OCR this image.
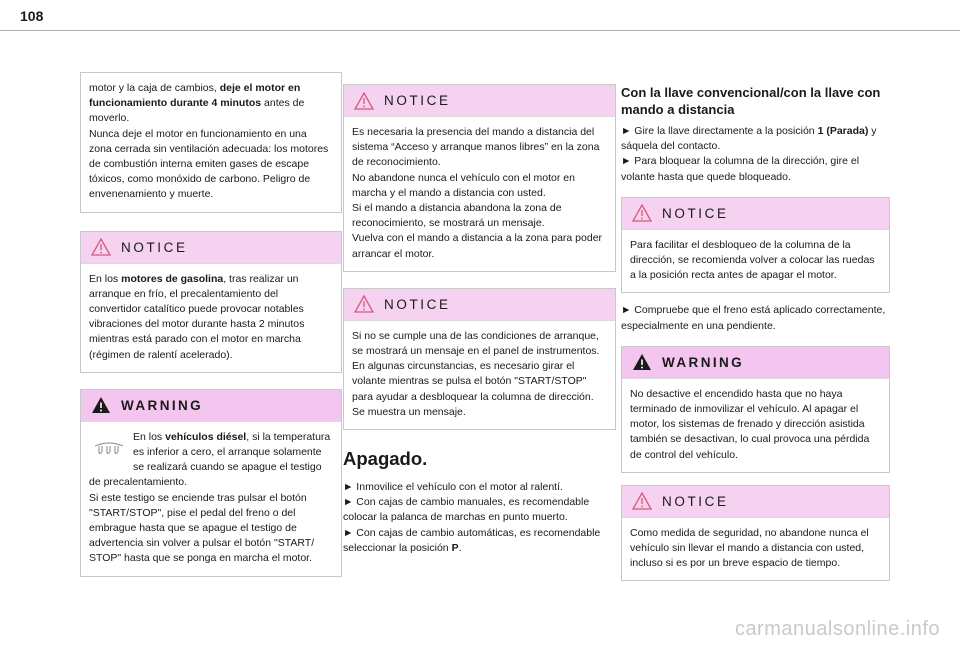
108

motor y la caja de cambios, deje el motor en funcionamiento durante 4 minutos antes de moverlo.

Nunca deje el motor en funcionamiento en una zona cerrada sin ventilación adecuada: los motores de combustión interna emiten gases de escape tóxicos, como monóxido de carbono. Peligro de envenenamiento y muerte.

NOTICE

En los motores de gasolina, tras realizar un arranque en frío, el precalentamiento del convertidor catalítico puede provocar notables vibraciones del motor durante hasta 2 minutos mientras está parado con el motor en marcha (régimen de ralentí acelerado).

WARNING

En los vehículos diésel, si la temperatura es inferior a cero, el arranque solamente se realizará cuando se apague el testigo de precalentamiento.

Si este testigo se enciende tras pulsar el botón "START/STOP", pise el pedal del freno o del embrague hasta que se apague el testigo de advertencia sin volver a pulsar el botón "START/ STOP" hasta que se ponga en marcha el motor.

NOTICE

Es necesaria la presencia del mando a distancia del sistema “Acceso y arranque manos libres” en la zona de reconocimiento.

No abandone nunca el vehículo con el motor en marcha y el mando a distancia con usted.

Si el mando a distancia abandona la zona de reconocimiento, se mostrará un mensaje.

Vuelva con el mando a distancia a la zona para poder arrancar el motor.

NOTICE

Si no se cumple una de las condiciones de arranque, se mostrará un mensaje en el panel de instrumentos. En algunas circunstancias, es necesario girar el volante mientras se pulsa el botón "START/STOP" para ayudar a desbloquear la columna de dirección. Se muestra un mensaje.

Apagado.

► Inmovilice el vehículo con el motor al ralentí.

► Con cajas de cambio manuales, es recomendable colocar la palanca de marchas en punto muerto.

► Con cajas de cambio automáticas, es recomendable seleccionar la posición P.

Con la llave convencional/con la llave con mando a distancia

► Gire la llave directamente a la posición 1 (Parada) y sáquela del contacto.

► Para bloquear la columna de la dirección, gire el volante hasta que quede bloqueado.

NOTICE

Para facilitar el desbloqueo de la columna de la dirección, se recomienda volver a colocar las ruedas a la posición recta antes de apagar el motor.

► Compruebe que el freno está aplicado correctamente, especialmente en una pendiente.

WARNING

No desactive el encendido hasta que no haya terminado de inmovilizar el vehículo. Al apagar el motor, los sistemas de frenado y dirección asistida también se desactivan, lo cual provoca una pérdida de control del vehículo.

NOTICE

Como medida de seguridad, no abandone nunca el vehículo sin llevar el mando a distancia con usted, incluso si es por un breve espacio de tiempo.

carmanualsonline.info
